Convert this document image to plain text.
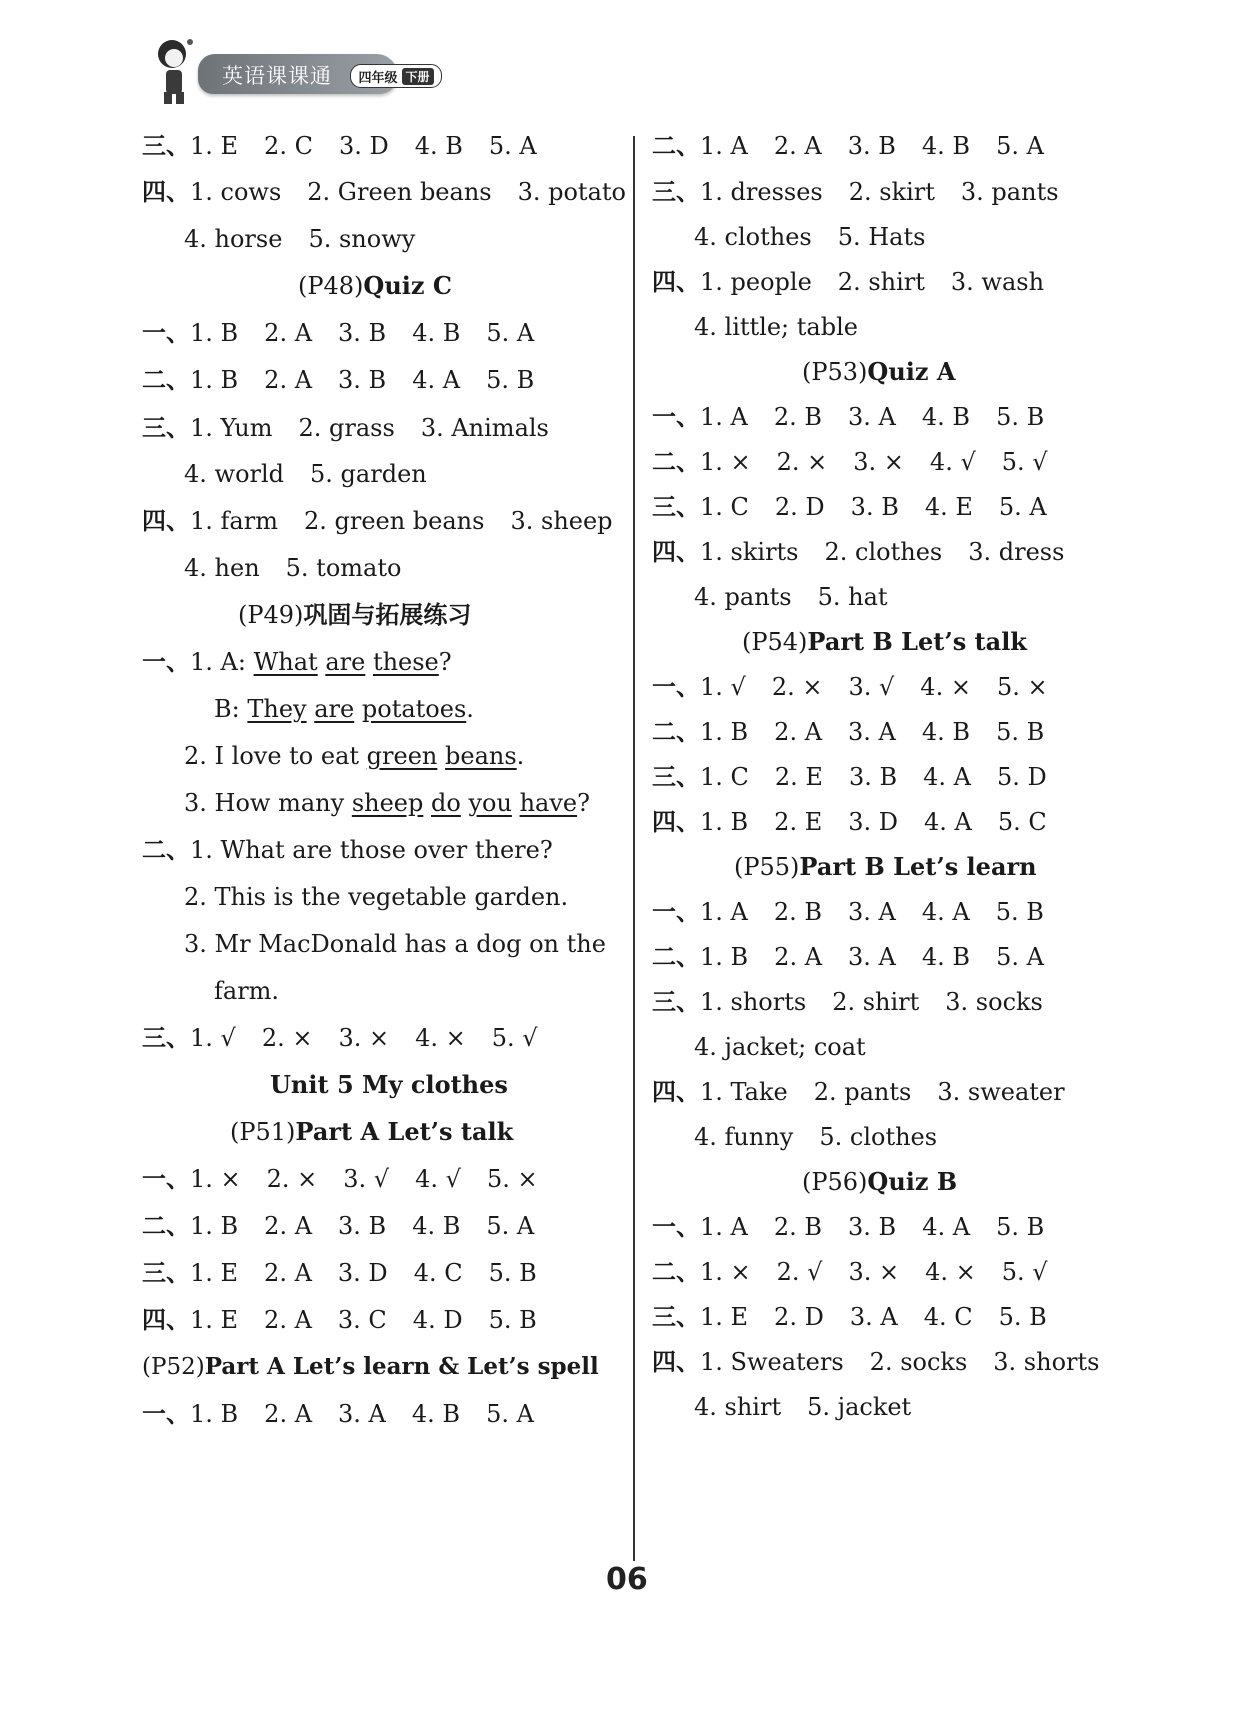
英语课课通 四年级 下册
三、1. E 2. C 3. D 4. B 5. A
四、1. cows 2. Green beans 3. potato
4. horse 5. snowy
(P48)Quiz C
一、1. B 2. A 3. B 4. B 5. A
二、1. B 2. A 3. B 4. A 5. B
三、1. Yum 2. grass 3. Animals
4. world 5. garden
四、1. farm 2. green beans 3. sheep
4. hen 5. tomato
(P49)巩固与拓展练习
一、1. A: What are these?
B: They are potatoes.
2. I love to eat green beans.
3. How many sheep do you have?
二、1. What are those over there?
2. This is the vegetable garden.
3. Mr MacDonald has a dog on the
farm.
三、1. √ 2. × 3. × 4. × 5. √
Unit 5 My clothes
(P51)Part A Let’s talk
一、1. × 2. × 3. √ 4. √ 5. ×
二、1. B 2. A 3. B 4. B 5. A
三、1. E 2. A 3. D 4. C 5. B
四、1. E 2. A 3. C 4. D 5. B
(P52)Part A Let’s learn & Let’s spell
一、1. B 2. A 3. A 4. B 5. A
二、1. A 2. A 3. B 4. B 5. A
三、1. dresses 2. skirt 3. pants
4. clothes 5. Hats
四、1. people 2. shirt 3. wash
4. little; table
(P53)Quiz A
一、1. A 2. B 3. A 4. B 5. B
二、1. × 2. × 3. × 4. √ 5. √
三、1. C 2. D 3. B 4. E 5. A
四、1. skirts 2. clothes 3. dress
4. pants 5. hat
(P54)Part B Let’s talk
一、1. √ 2. × 3. √ 4. × 5. ×
二、1. B 2. A 3. A 4. B 5. B
三、1. C 2. E 3. B 4. A 5. D
四、1. B 2. E 3. D 4. A 5. C
(P55)Part B Let’s learn
一、1. A 2. B 3. A 4. A 5. B
二、1. B 2. A 3. A 4. B 5. A
三、1. shorts 2. shirt 3. socks
4. jacket; coat
四、1. Take 2. pants 3. sweater
4. funny 5. clothes
(P56)Quiz B
一、1. A 2. B 3. B 4. A 5. B
二、1. × 2. √ 3. × 4. × 5. √
三、1. E 2. D 3. A 4. C 5. B
四、1. Sweaters 2. socks 3. shorts
4. shirt 5. jacket
06
